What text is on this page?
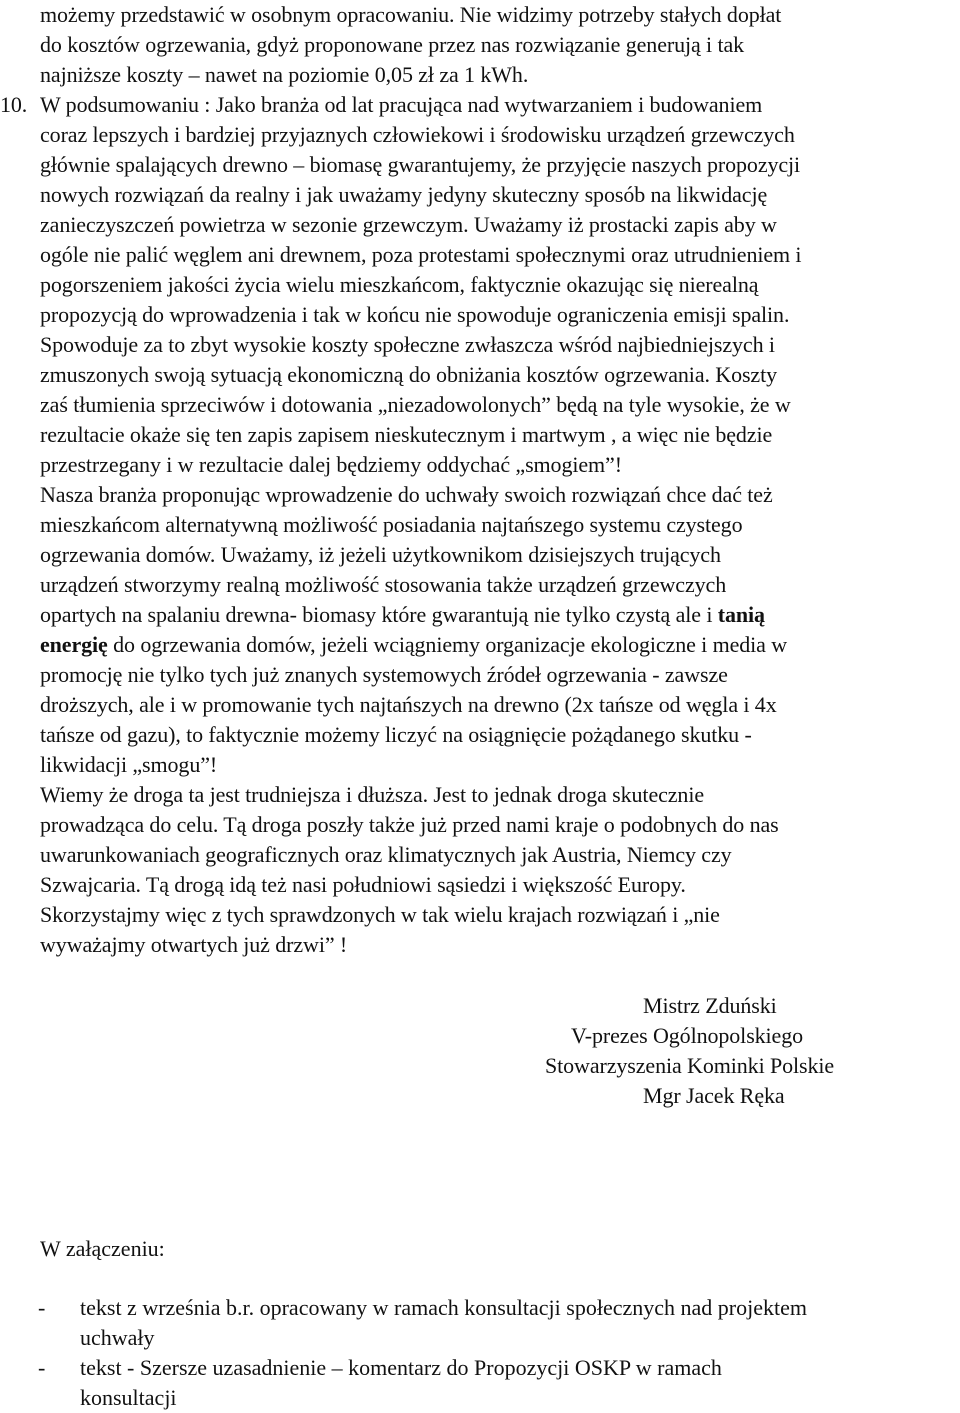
możemy przedstawić w osobnym opracowaniu. Nie widzimy potrzeby stałych dopłat
do kosztów ogrzewania, gdyż proponowane przez nas rozwiązanie generują i tak
najniższe koszty – nawet na poziomie 0,05 zł za 1 kWh.
10. W podsumowaniu : Jako branża od lat pracująca nad wytwarzaniem i budowaniem
coraz lepszych i bardziej przyjaznych człowiekowi i środowisku urządzeń grzewczych
głównie spalających drewno – biomasę gwarantujemy, że przyjęcie naszych propozycji
nowych rozwiązań da realny i jak uważamy jedyny skuteczny sposób na likwidację
zanieczyszczeń powietrza w sezonie grzewczym. Uważamy iż prostacki zapis aby w
ogóle nie palić węglem ani drewnem, poza protestami społecznymi oraz utrudnieniem i
pogorszeniem jakości życia wielu mieszkańcom, faktycznie okazując się nierealną
propozycją do wprowadzenia i tak w końcu nie spowoduje ograniczenia emisji spalin.
Spowoduje za to zbyt wysokie koszty społeczne zwłaszcza wśród najbiedniejszych i
zmuszonych swoją sytuacją ekonomiczną do obniżania kosztów ogrzewania. Koszty
zaś tłumienia sprzeciwów i dotowania „niezadowolonych” będą na tyle wysokie, że w
rezultacie okaże się ten zapis zapisem nieskutecznym i martwym , a więc nie będzie
przestrzegany i w rezultacie dalej będziemy oddychać „smogiem”!
Nasza branża proponując wprowadzenie do uchwały swoich rozwiązań chce dać też
mieszkańcom alternatywną możliwość posiadania najtańszego systemu czystego
ogrzewania domów. Uważamy, iż jeżeli użytkownikom dzisiejszych trujących
urządzeń stworzymy realną możliwość stosowania także urządzeń grzewczych
opartych na spalaniu drewna- biomasy które gwarantują nie tylko czystą ale i tanią
energię do ogrzewania domów, jeżeli wciągniemy organizacje ekologiczne i media w
promocję nie tylko tych już znanych systemowych źródeł ogrzewania - zawsze
droższych, ale i w promowanie tych najtańszych na drewno (2x tańsze od węgla i 4x
tańsze od gazu), to faktycznie możemy liczyć na osiągnięcie pożądanego skutku -
likwidacji „smogu”!
Wiemy że droga ta jest trudniejsza i dłuższa. Jest to jednak droga skutecznie
prowadząca do celu. Tą droga poszły także już przed nami kraje o podobnych do nas
uwarunkowaniach geograficznych oraz klimatycznych jak Austria, Niemcy czy
Szwajcaria. Tą drogą idą też nasi południowi sąsiedzi i większość Europy.
Skorzystajmy więc z tych sprawdzonych w tak wielu krajach rozwiązań i „nie
wyważajmy otwartych już drzwi” !
Mistrz Zduński
V-prezes Ogólnopolskiego
Stowarzyszenia Kominki Polskie
Mgr Jacek Ręka
W załączeniu:
- tekst z września b.r. opracowany w ramach konsultacji społecznych nad projektem
uchwały
- tekst - Szersze uzasadnienie – komentarz do Propozycji OSKP w ramach
konsultacji
